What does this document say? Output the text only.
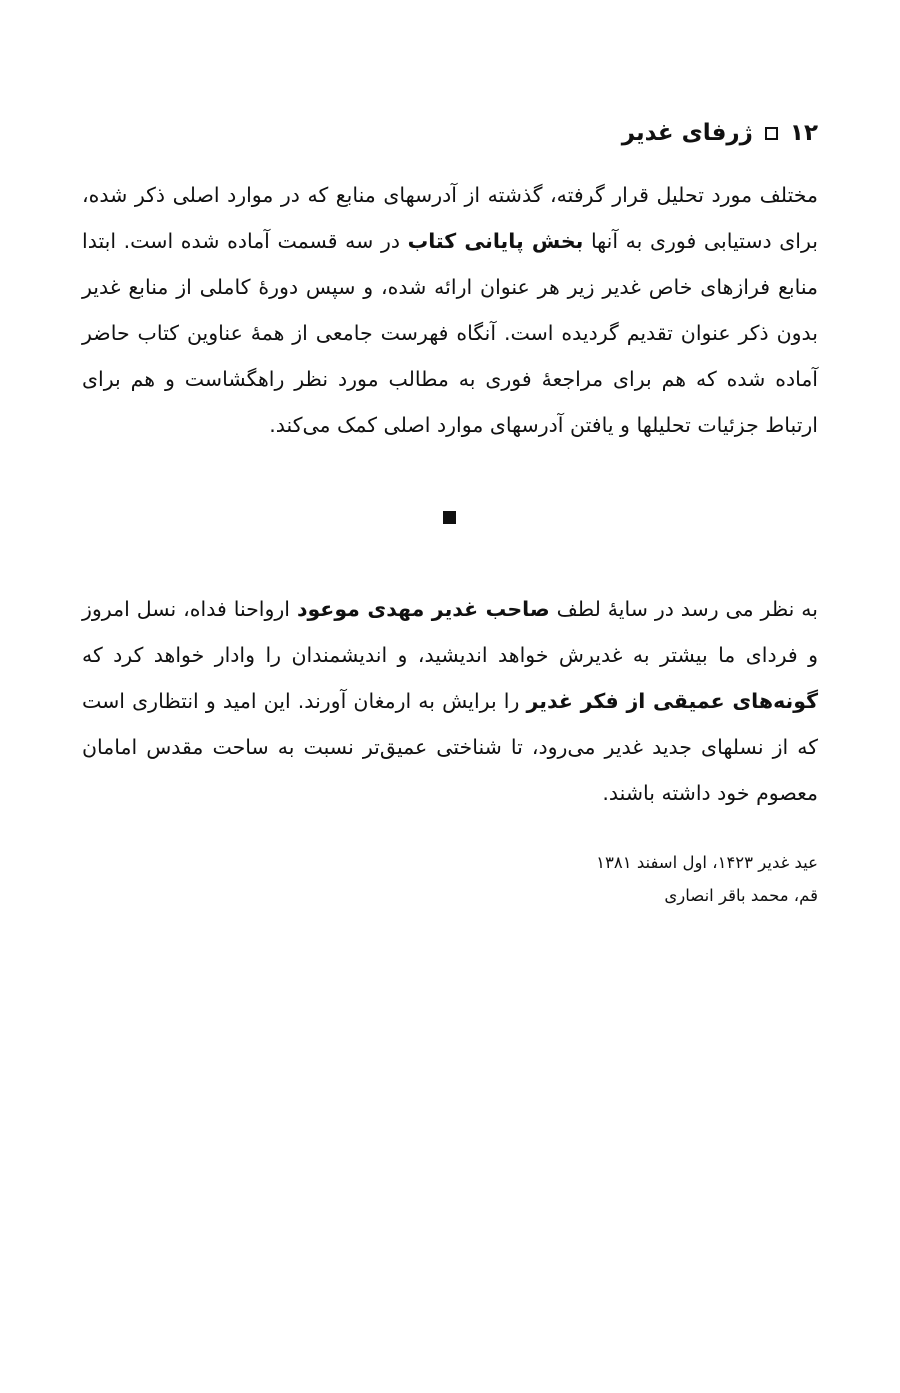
۱۲
ژرفای غدیر

مختلف مورد تحلیل قرار گرفته، گذشته از آدرسهای منابع که در موارد اصلی ذکر شده، برای دستیابی فوری به آنها بخش پایانی کتاب در سه قسمت آماده شده است. ابتدا منابع فرازهای خاص غدیر زیر هر عنوان ارائه شده، و سپس دورۀ کاملی از منابع غدیر بدون ذکر عنوان تقدیم گردیده است. آنگاه فهرست جامعی از همۀ عناوین کتاب حاضر آماده شده که هم برای مراجعۀ فوری به مطالب مورد نظر راهگشاست و هم برای ارتباط جزئیات تحلیلها و یافتن آدرسهای موارد اصلی کمک می‌کند.

به نظر می رسد در سایۀ لطف صاحب غدیر مهدی موعود ارواحنا فداه، نسل امروز و فردای ما بیشتر به غدیرش خواهد اندیشید، و اندیشمندان را وادار خواهد کرد که گونه‌های عمیقی از فکر غدیر را برایش به ارمغان آورند. این امید و انتظاری است که از نسلهای جدید غدیر می‌رود، تا شناختی عمیق‌تر نسبت به ساحت مقدس امامان معصوم خود داشته باشند.

عید غدیر ۱۴۲۳، اول اسفند ۱۳۸۱
قم، محمد باقر انصاری
